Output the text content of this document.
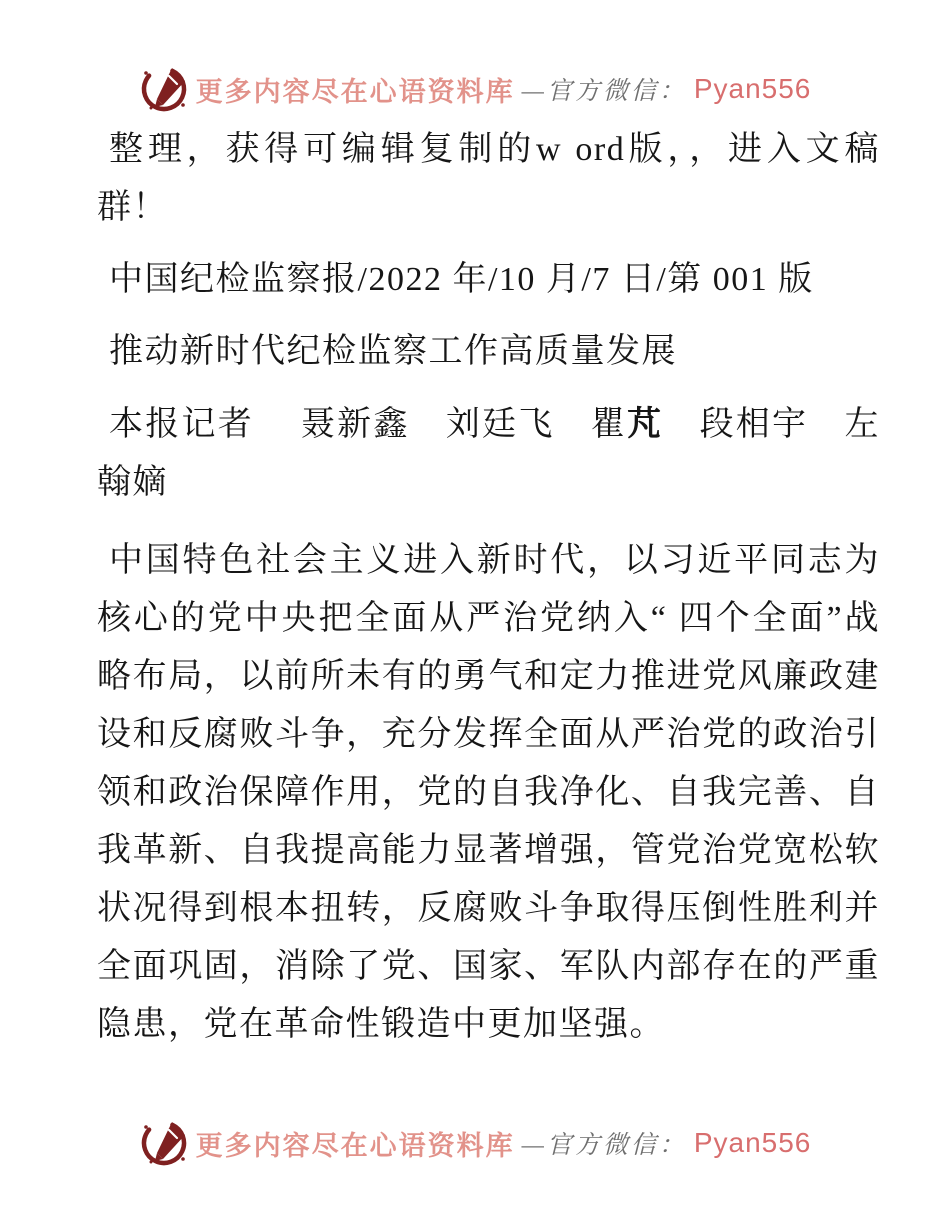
更多内容尽在心语资料库 —官方微信： Pyan556

整理，获得可编辑复制的w ord版，，进入文稿群！

中国纪检监察报/2022 年/10 月/7 日/第 001 版

推动新时代纪检监察工作高质量发展

本报记者　 聂新鑫　刘廷飞　瞿芃　段相宇　左翰嫡

中国特色社会主义进入新时代，以习近平同志为核心的党中央把全面从严治党纳入“ 四个全面”战略布局，以前所未有的勇气和定力推进党风廉政建设和反腐败斗争，充分发挥全面从严治党的政治引领和政治保障作用，党的自我净化、自我完善、自我革新、自我提高能力显著增强，管党治党宽松软状况得到根本扭转，反腐败斗争取得压倒性胜利并全面巩固，消除了党、国家、军队内部存在的严重隐患，党在革命性锻造中更加坚强。

更多内容尽在心语资料库 —官方微信： Pyan556
